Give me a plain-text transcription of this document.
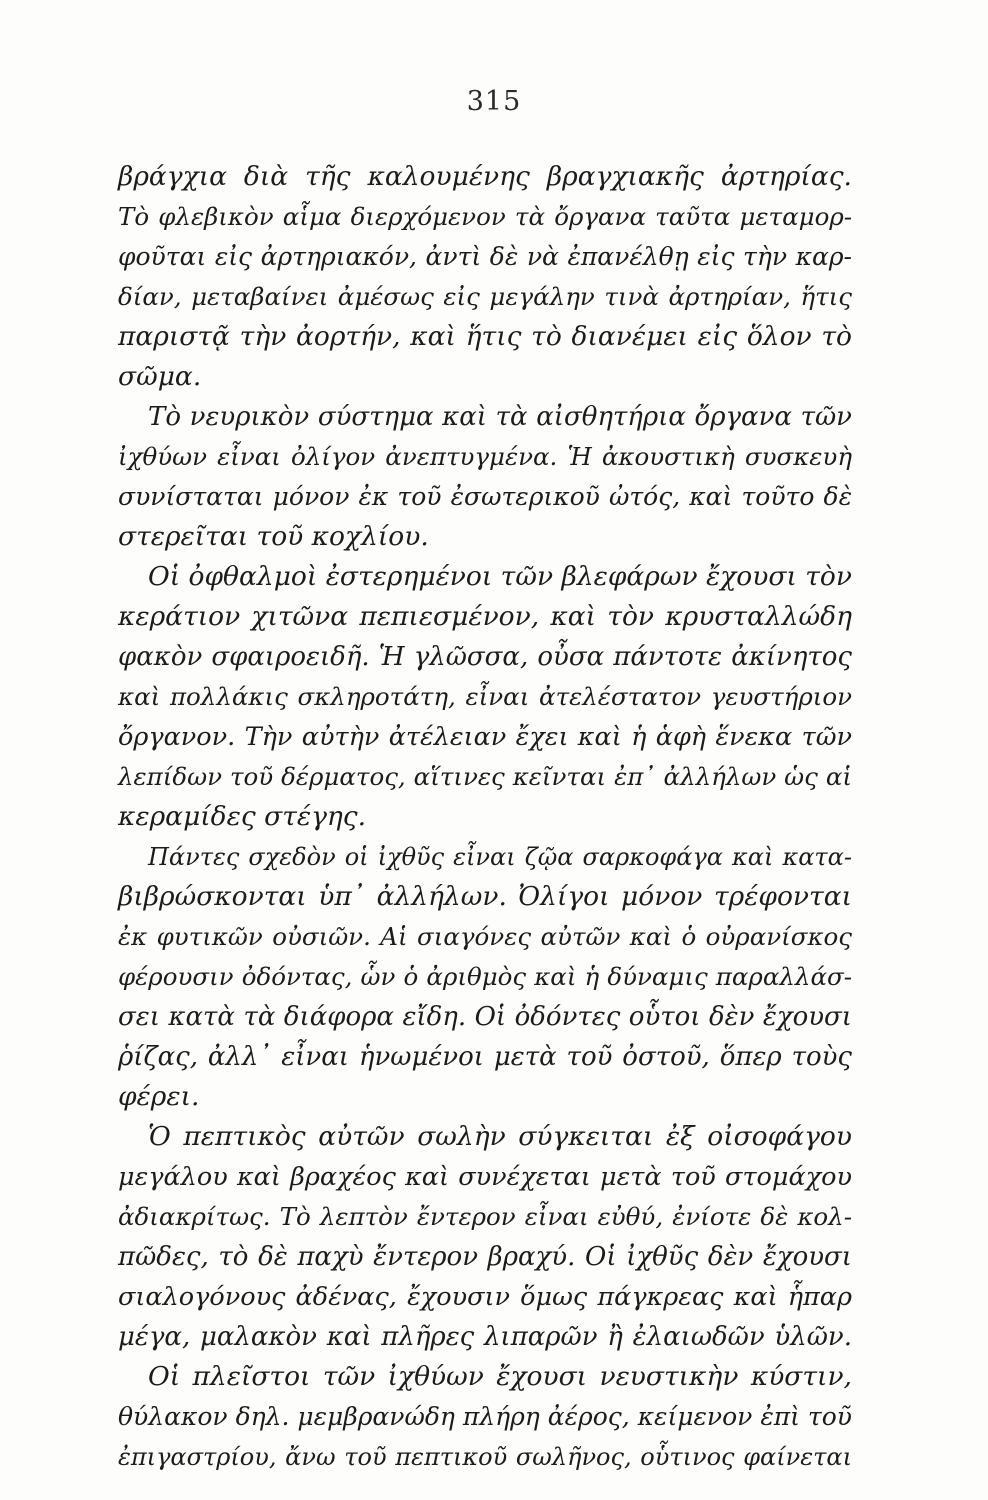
315
βράγχια διὰ τῆς καλουμένης βραγχιακῆς ἀρτηρίας.
Τὸ φλεβικὸν αἷμα διερχόμενον τὰ ὄργανα ταῦτα μεταμορ-
φοῦται εἰς ἀρτηριακόν, ἀντὶ δὲ νὰ ἐπανέλθῃ εἰς τὴν καρ-
δίαν, μεταβαίνει ἀμέσως εἰς μεγάλην τινὰ ἀρτηρίαν, ἥτις
παριστᾷ τὴν ἀορτήν, καὶ ἥτις τὸ διανέμει εἰς ὅλον τὸ
σῶμα.
Τὸ νευρικὸν σύστημα καὶ τὰ αἰσθητήρια ὄργανα τῶν
ἰχθύων εἶναι ὀλίγον ἀνεπτυγμένα. Ἡ ἀκουστικὴ συσκευὴ
συνίσταται μόνον ἐκ τοῦ ἐσωτερικοῦ ὠτός, καὶ τοῦτο δὲ
στερεῖται τοῦ κοχλίου.
Οἱ ὀφθαλμοὶ ἐστερημένοι τῶν βλεφάρων ἔχουσι τὸν
κεράτιον χιτῶνα πεπιεσμένον, καὶ τὸν κρυσταλλώδη
φακὸν σφαιροειδῆ. Ἡ γλῶσσα, οὖσα πάντοτε ἀκίνητος
καὶ πολλάκις σκληροτάτη, εἶναι ἀτελέστατον γευστήριον
ὄργανον. Τὴν αὐτὴν ἀτέλειαν ἔχει καὶ ἡ ἁφὴ ἕνεκα τῶν
λεπίδων τοῦ δέρματος, αἵτινες κεῖνται ἐπ᾽ ἀλλήλων ὡς αἱ
κεραμίδες στέγης.
Πάντες σχεδὸν οἱ ἰχθῦς εἶναι ζῷα σαρκοφάγα καὶ κατα-
βιβρώσκονται ὑπ᾽ ἀλλήλων. Ὀλίγοι μόνον τρέφονται
ἐκ φυτικῶν οὐσιῶν. Αἱ σιαγόνες αὐτῶν καὶ ὁ οὐρανίσκος
φέρουσιν ὀδόντας, ὧν ὁ ἀριθμὸς καὶ ἡ δύναμις παραλλάσ-
σει κατὰ τὰ διάφορα εἴδη. Οἱ ὀδόντες οὗτοι δὲν ἔχουσι
ῥίζας, ἀλλ᾽ εἶναι ἡνωμένοι μετὰ τοῦ ὀστοῦ, ὅπερ τοὺς
φέρει.
Ὁ πεπτικὸς αὐτῶν σωλὴν σύγκειται ἐξ οἰσοφάγου
μεγάλου καὶ βραχέος καὶ συνέχεται μετὰ τοῦ στομάχου
ἀδιακρίτως. Τὸ λεπτὸν ἔντερον εἶναι εὐθύ, ἐνίοτε δὲ κολ-
πῶδες, τὸ δὲ παχὺ ἔντερον βραχύ. Οἱ ἰχθῦς δὲν ἔχουσι
σιαλογόνους ἀδένας, ἔχουσιν ὅμως πάγκρεας καὶ ἧπαρ
μέγα, μαλακὸν καὶ πλῆρες λιπαρῶν ἢ ἐλαιωδῶν ὑλῶν.
Οἱ πλεῖστοι τῶν ἰχθύων ἔχουσι νευστικὴν κύστιν,
θύλακον δηλ. μεμβρανώδη πλήρη ἀέρος, κείμενον ἐπὶ τοῦ
ἐπιγαστρίου, ἄνω τοῦ πεπτικοῦ σωλῆνος, οὗτινος φαίνεται
